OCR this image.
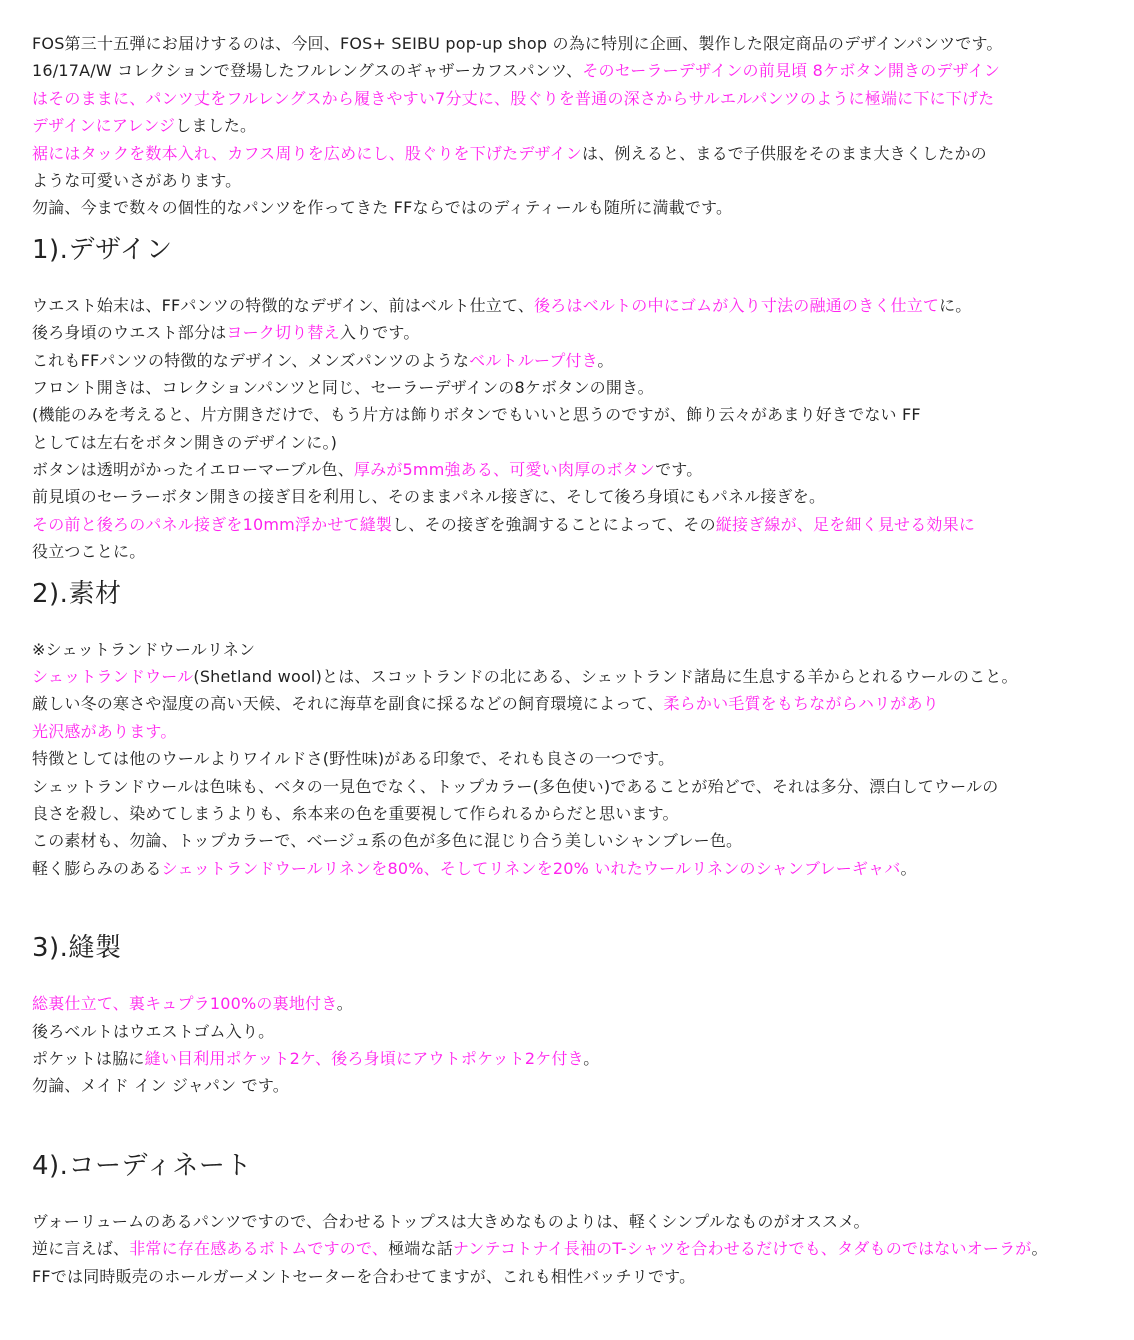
FOS第三十五弾にお届けするのは、今回、FOS+ SEIBU pop-up shop の為に特別に企画、製作した限定商品のデザインパンツです。
16/17A/W コレクションで登場したフルレングスのギャザーカフスパンツ、そのセーラーデザインの前見頃 8ケボタン開きのデザイン
はそのままに、パンツ丈をフルレングスから履きやすい7分丈に、股ぐりを普通の深さからサルエルパンツのように極端に下に下げた
デザインにアレンジしました。
裾にはタックを数本入れ、カフス周りを広めにし、股ぐりを下げたデザインは、例えると、まるで子供服をそのまま大きくしたかの
ような可愛いさがあります。
勿論、今まで数々の個性的なパンツを作ってきた FFならではのディティールも随所に満載です。
1).デザイン
ウエスト始末は、FFパンツの特徴的なデザイン、前はベルト仕立て、後ろはベルトの中にゴムが入り寸法の融通のきく仕立てに。
後ろ身頃のウエスト部分はヨーク切り替え入りです。
これもFFパンツの特徴的なデザイン、メンズパンツのようなベルトループ付き。
フロント開きは、コレクションパンツと同じ、セーラーデザインの8ケボタンの開き。
(機能のみを考えると、片方開きだけで、もう片方は飾りボタンでもいいと思うのですが、飾り云々があまり好きでない FF
としては左右をボタン開きのデザインに。)
ボタンは透明がかったイエローマーブル色、厚みが5mm強ある、可愛い肉厚のボタンです。
前見頃のセーラーボタン開きの接ぎ目を利用し、そのままパネル接ぎに、そして後ろ身頃にもパネル接ぎを。
その前と後ろのパネル接ぎを10mm浮かせて縫製し、その接ぎを強調することによって、その縦接ぎ線が、足を細く見せる効果に
役立つことに。
2).素材
※シェットランドウールリネン
シェットランドウール(Shetland wool)とは、スコットランドの北にある、シェットランド諸島に生息する羊からとれるウールのこと。
厳しい冬の寒さや湿度の高い天候、それに海草を副食に採るなどの飼育環境によって、柔らかい毛質をもちながらハリがあり
光沢感があります。
特徴としては他のウールよりワイルドさ(野性味)がある印象で、それも良さの一つです。
シェットランドウールは色味も、ベタの一見色でなく、トップカラー(多色使い)であることが殆どで、それは多分、漂白してウールの
良さを殺し、染めてしまうよりも、糸本来の色を重要視して作られるからだと思います。
この素材も、勿論、トップカラーで、ベージュ系の色が多色に混じり合う美しいシャンブレー色。
軽く膨らみのあるシェットランドウールリネンを80%、そしてリネンを20% いれたウールリネンのシャンブレーギャバ。
3).縫製
総裏仕立て、裏キュプラ100%の裏地付き。
後ろベルトはウエストゴム入り。
ポケットは脇に縫い目利用ポケット2ケ、後ろ身頃にアウトポケット2ケ付き。
勿論、メイド イン ジャパン です。
4).コーディネート
ヴォーリュームのあるパンツですので、合わせるトップスは大きめなものよりは、軽くシンプルなものがオススメ。
逆に言えば、非常に存在感あるボトムですので、極端な話ナンテコトナイ長袖のT-シャツを合わせるだけでも、タダものではないオーラが。
FFでは同時販売のホールガーメントセーターを合わせてますが、これも相性バッチリです。
